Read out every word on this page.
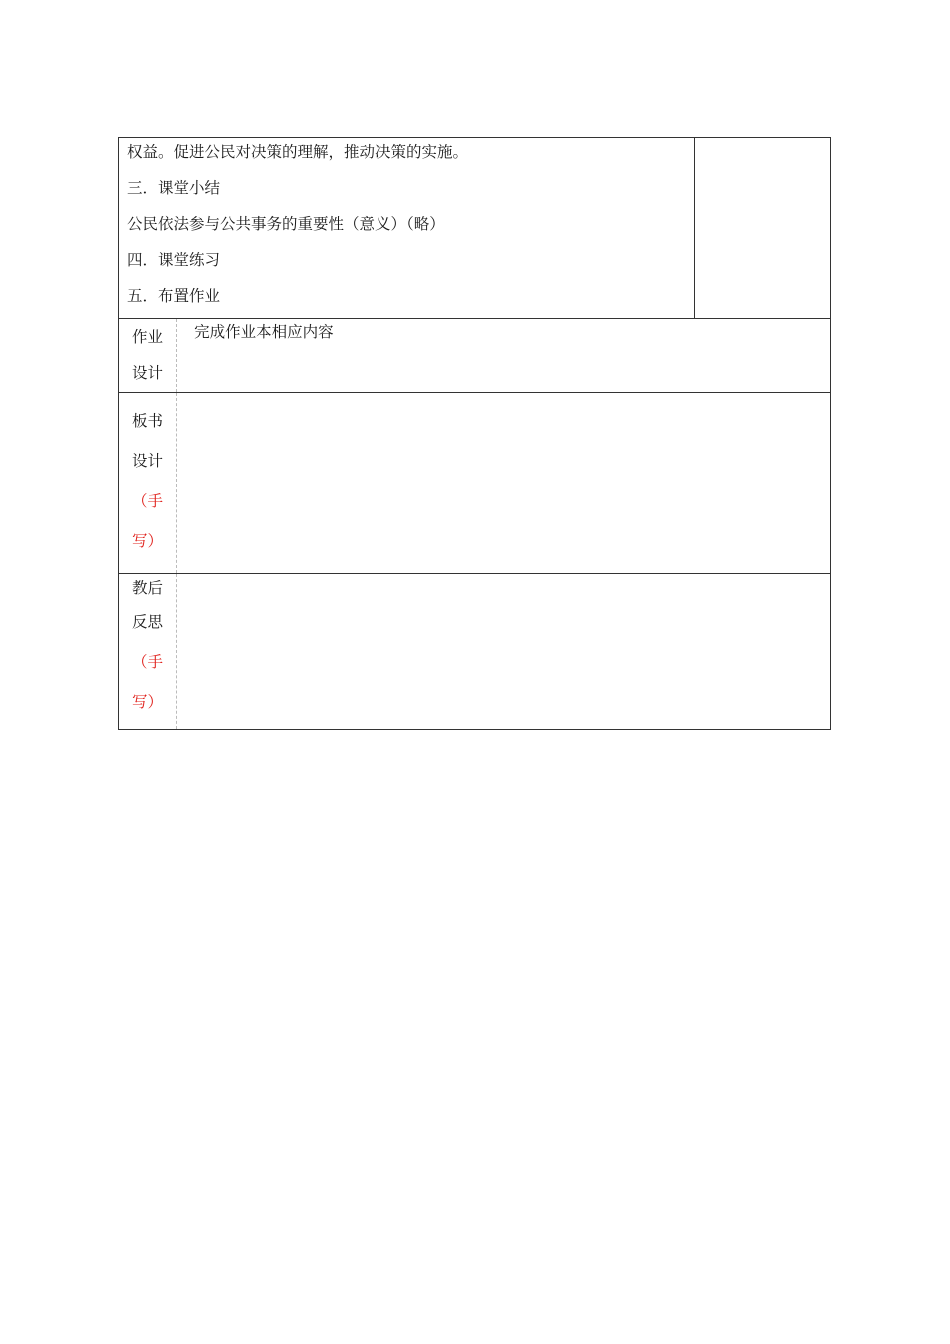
权益。促进公民对决策的理解，推动决策的实施。

三．课堂小结

公民依法参与公共事务的重要性（意义）（略）

四．课堂练习

五．布置作业		

作业
设计	完成作业本相应内容	

板书
设计
（手
写）		

教后
反思
（手
写）		
